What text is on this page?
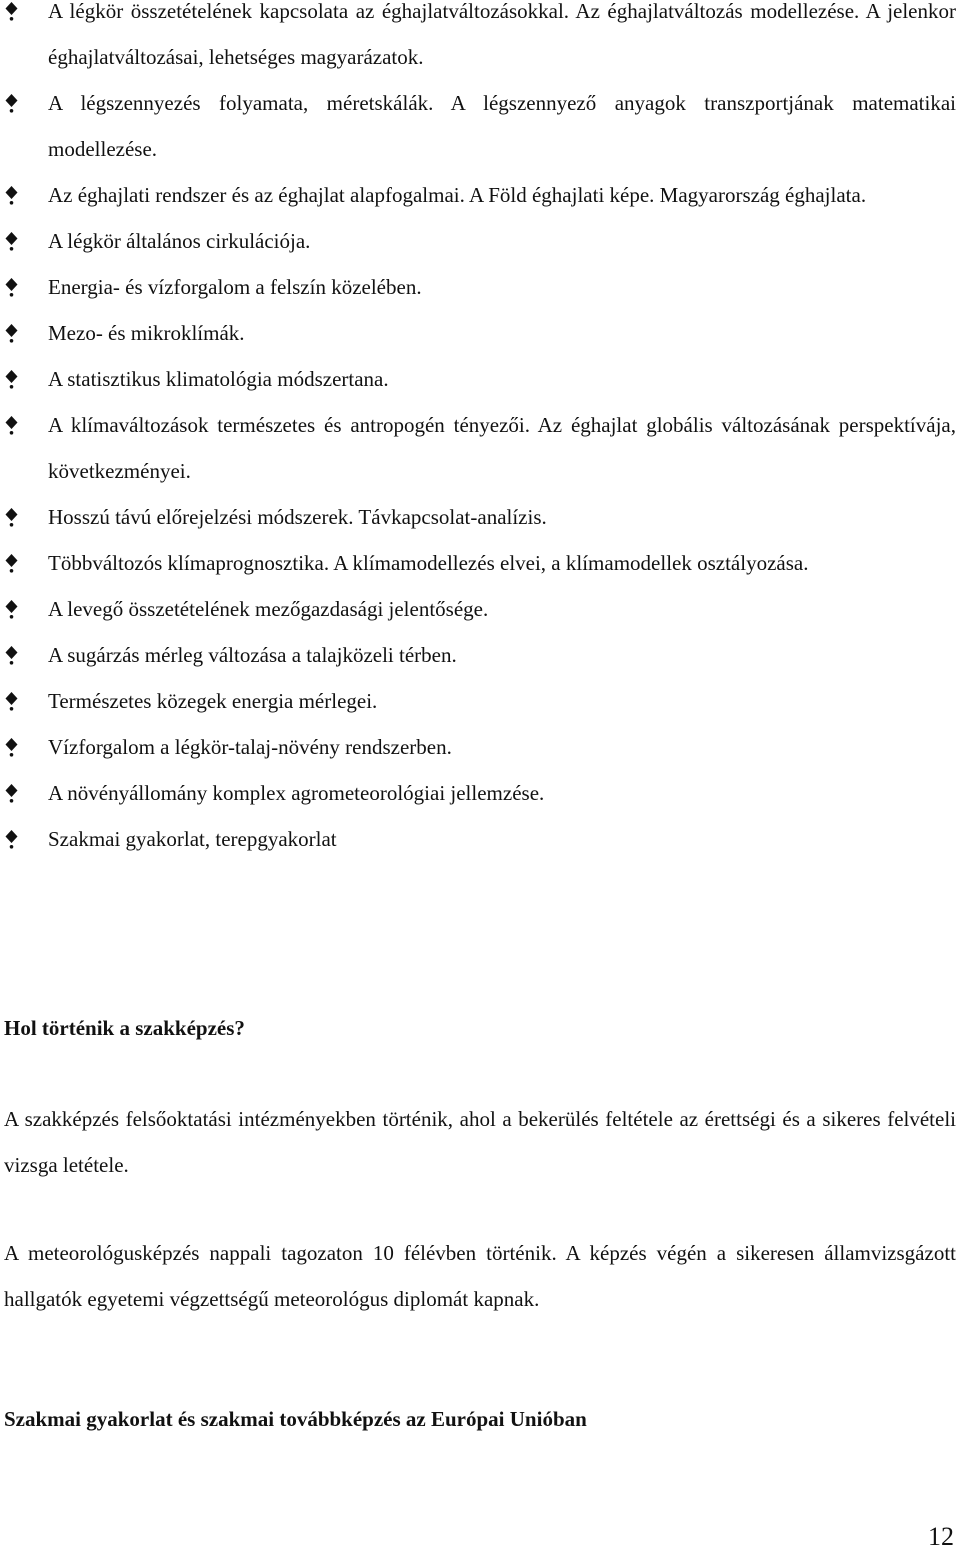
A légkör összetételének kapcsolata az éghajlatváltozásokkal. Az éghajlatváltozás modellezése. A jelenkor éghajlatváltozásai, lehetséges magyarázatok.
A légszennyezés folyamata, méretskálák. A légszennyező anyagok transzportjának matematikai modellezése.
Az éghajlati rendszer és az éghajlat alapfogalmai. A Föld éghajlati képe. Magyarország éghajlata.
A légkör általános cirkulációja.
Energia- és vízforgalom a felszín közelében.
Mezo- és mikroklímák.
A statisztikus klimatológia módszertana.
A klímaváltozások természetes és antropogén tényezői. Az éghajlat globális változásának perspektívája, következményei.
Hosszú távú előrejelzési módszerek. Távkapcsolat-analízis.
Többváltozós klímaprognosztika. A klímamodellezés elvei, a klímamodellek osztályozása.
A levegő összetételének mezőgazdasági jelentősége.
A sugárzás mérleg változása a talajközeli térben.
Természetes közegek energia mérlegei.
Vízforgalom a légkör-talaj-növény rendszerben.
A növényállomány komplex agrometeorológiai jellemzése.
Szakmai gyakorlat, terepgyakorlat
Hol történik a szakképzés?

A szakképzés felsőoktatási intézményekben történik, ahol a bekerülés feltétele az érettségi és a sikeres felvételi vizsga letétele.

A meteorológusképzés nappali tagozaton 10 félévben történik. A képzés végén a sikeresen államvizsgázott hallgatók egyetemi végzettségű meteorológus diplomát kapnak.

Szakmai gyakorlat és szakmai továbbképzés az Európai Unióban
12
